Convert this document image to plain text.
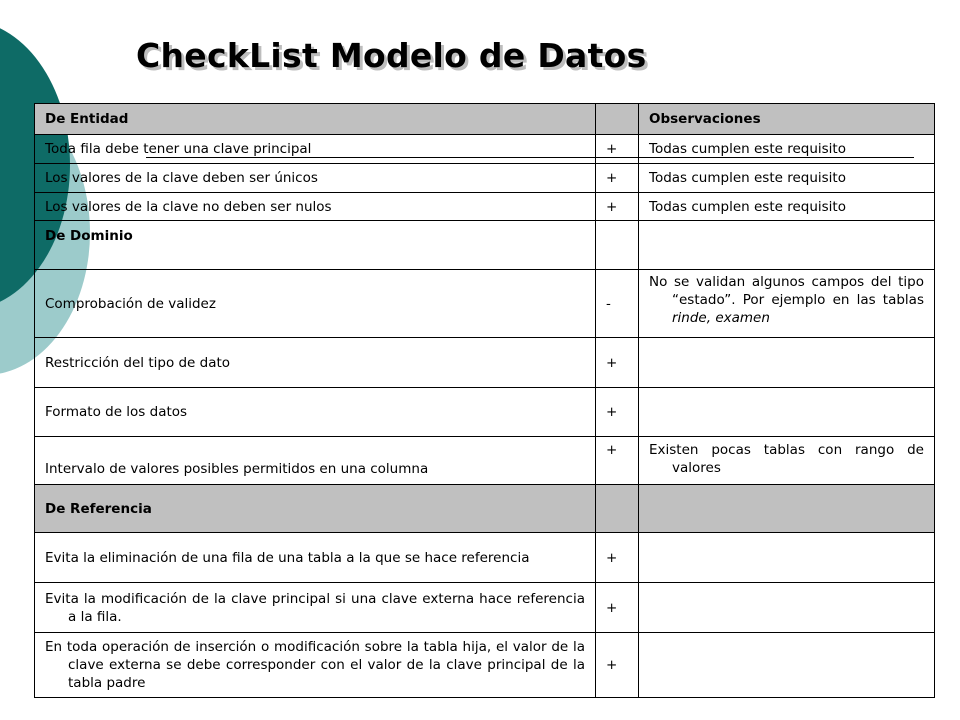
CheckList Modelo de Datos
De Entidad		Observaciones
Toda fila debe tener una clave principal	+	Todas cumplen este requisito
Los valores de la clave deben ser únicos	+	Todas cumplen este requisito
Los valores de la clave no deben ser nulos	+	Todas cumplen este requisito
De Dominio		
Comprobación de validez	-	No se validan algunos campos del tipo “estado”. Por ejemplo en las tablas rinde, examen
Restricción del tipo de dato	+	
Formato de los datos	+	
Intervalo de valores posibles permitidos en una columna	+	Existen pocas tablas con rango de valores
De Referencia		
Evita la eliminación de una fila de una tabla a la que se hace referencia	+	
Evita la modificación de la clave principal si una clave externa hace referencia a la fila.	+	
En toda operación de inserción o modificación sobre la tabla hija, el valor de la clave externa se debe corresponder con el valor de la clave principal de la tabla padre	+	
